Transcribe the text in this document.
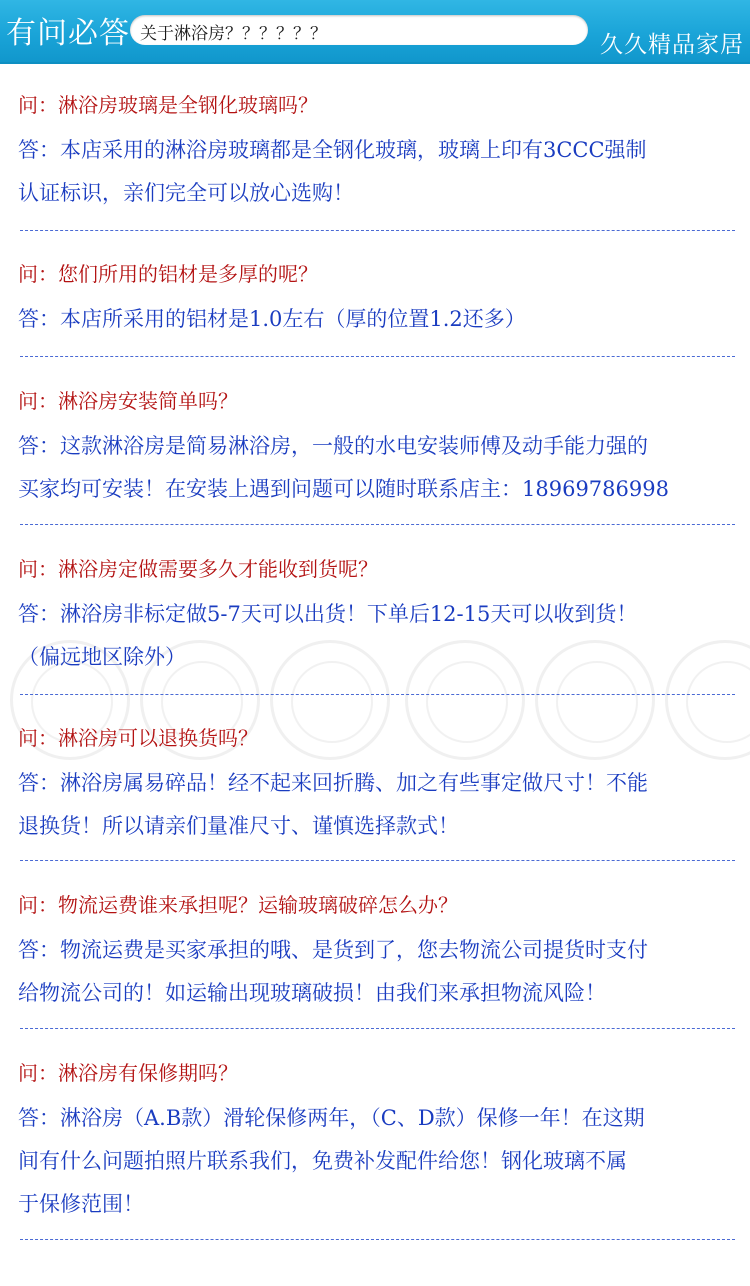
有问必答 关于淋浴房？？？？？？	久久精品家居

问：淋浴房玻璃是全钢化玻璃吗？

答：本店采用的淋浴房玻璃都是全钢化玻璃，玻璃上印有3CCC强制
认证标识，亲们完全可以放心选购！

问：您们所用的铝材是多厚的呢？

答：本店所采用的铝材是1.0左右（厚的位置1.2还多）

问：淋浴房安装简单吗？

答：这款淋浴房是简易淋浴房，一般的水电安装师傅及动手能力强的
买家均可安装！在安装上遇到问题可以随时联系店主：18969786998

问：淋浴房定做需要多久才能收到货呢？

答：淋浴房非标定做5-7天可以出货！下单后12-15天可以收到货！
（偏远地区除外）

问：淋浴房可以退换货吗？

答：淋浴房属易碎品！经不起来回折腾、加之有些事定做尺寸！不能
退换货！所以请亲们量准尺寸、谨慎选择款式！

问：物流运费谁来承担呢？运输玻璃破碎怎么办？

答：物流运费是买家承担的哦、是货到了，您去物流公司提货时支付
给物流公司的！如运输出现玻璃破损！由我们来承担物流风险！

问：淋浴房有保修期吗？

答：淋浴房（A.B款）滑轮保修两年，（C、D款）保修一年！在这期
间有什么问题拍照片联系我们，免费补发配件给您！钢化玻璃不属
于保修范围！
